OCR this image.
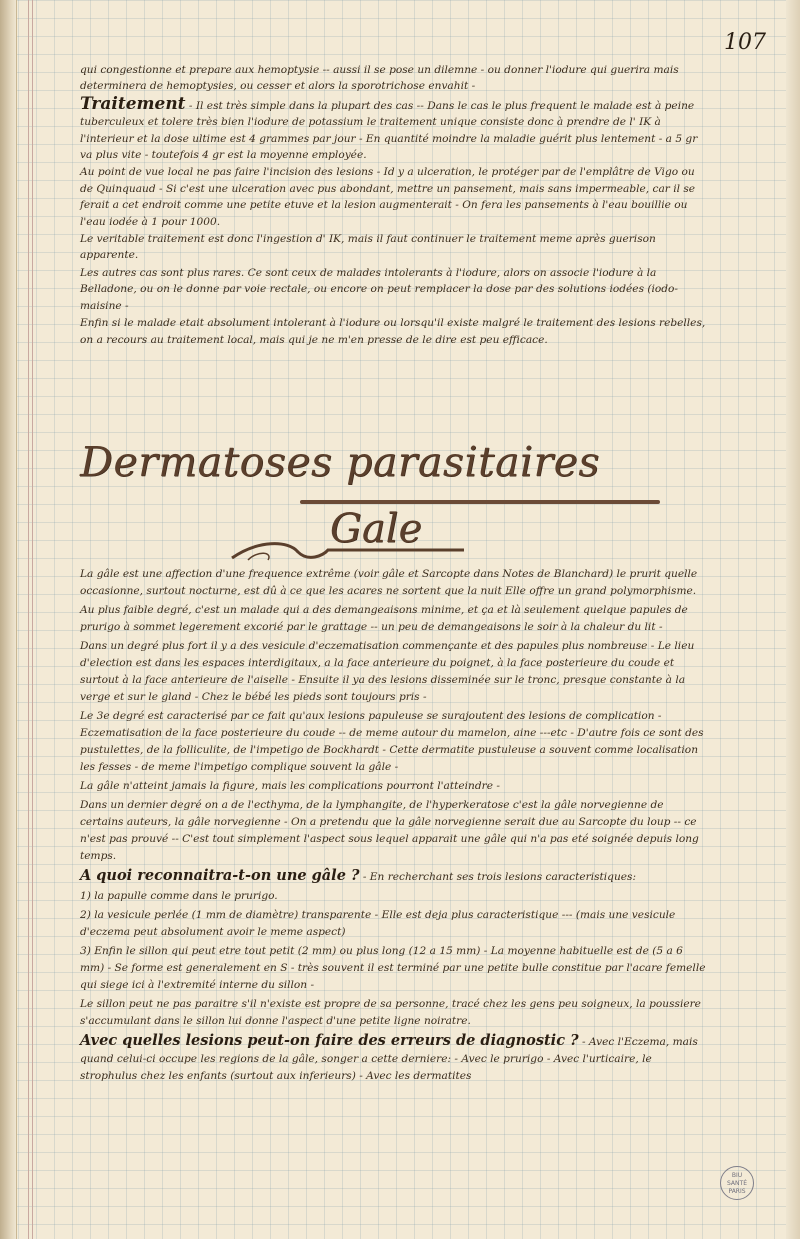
107

qui congestionne et prepare aux hemoptysie -- aussi il se pose un dilemne - ou donner l'iodure qui guerira mais determinera de hemoptysies, ou cesser et alors la sporotrichose envahit -

Traitement - Il est très simple dans la plupart des cas -- Dans le cas le plus frequent le malade est à peine tuberculeux et tolere très bien l'iodure de potassium le traitement unique consiste donc à prendre de l' IK à l'interieur et la dose ultime est 4 grammes par jour - En quantité moindre la maladie guérit plus lentement - a 5 gr va plus vite - toutefois 4 gr est la moyenne employée.

Au point de vue local ne pas faire l'incision des lesions - Id y a ulceration, le protéger par de l'emplâtre de Vigo ou de Quinquaud - Si c'est une ulceration avec pus abondant, mettre un pansement, mais sans impermeable, car il se ferait a cet endroit comme une petite etuve et la lesion augmenterait - On fera les pansements à l'eau bouillie ou l'eau iodée à 1 pour 1000.

Le veritable traitement est donc l'ingestion d' IK, mais il faut continuer le traitement meme après guerison apparente.

Les autres cas sont plus rares. Ce sont ceux de malades intolerants à l'iodure, alors on associe l'iodure à la Belladone, ou on le donne par voie rectale, ou encore on peut remplacer la dose par des solutions iodées (iodo-maisine -

Enfin si le malade etait absolument intolerant à l'iodure ou lorsqu'il existe malgré le traitement des lesions rebelles, on a recours au traitement local, mais qui je ne m'en presse de le dire est peu efficace.

Dermatoses parasitaires
Gale

La gâle est une affection d'une frequence extrême (voir gâle et Sarcopte dans Notes de Blanchard) le prurit quelle occasionne, surtout nocturne, est dû à ce que les acares ne sortent que la nuit Elle offre un grand polymorphisme.

Au plus faible degré, c'est un malade qui a des demangeaisons minime, et ça et là seulement quelque papules de prurigo à sommet legerement excorié par le grattage -- un peu de demangeaisons le soir à la chaleur du lit -

Dans un degré plus fort il y a des vesicule d'eczematisation commençante et des papules plus nombreuse - Le lieu d'election est dans les espaces interdigitaux, a la face anterieure du poignet, à la face posterieure du coude et surtout à la face anterieure de l'aiselle - Ensuite il ya des lesions disseminée sur le tronc, presque constante à la verge et sur le gland - Chez le bébé les pieds sont toujours pris -

Le 3e degré est caracterisé par ce fait qu'aux lesions papuleuse se surajoutent des lesions de complication - Eczematisation de la face posterieure du coude -- de meme autour du mamelon, aine ---etc - D'autre fois ce sont des pustulettes, de la folliculite, de l'impetigo de Bockhardt - Cette dermatite pustuleuse a souvent comme localisation les fesses - de meme l'impetigo complique souvent la gâle -

La gâle n'atteint jamais la figure, mais les complications pourront l'atteindre -

Dans un dernier degré on a de l'ecthyma, de la lymphangite, de l'hyperkeratose c'est la gâle norvegienne de certains auteurs, la gâle norvegienne - On a pretendu que la gâle norvegienne serait due au Sarcopte du loup -- ce n'est pas prouvé -- C'est tout simplement l'aspect sous lequel apparait une gâle qui n'a pas eté soignée depuis long temps.

A quoi reconnaitra-t-on une gâle ? - En recherchant ses trois lesions caracteristiques:

1) la papulle comme dans le prurigo.

2) la vesicule perlée (1 mm de diamètre) transparente - Elle est deja plus caracteristique --- (mais une vesicule d'eczema peut absolument avoir le meme aspect)

3) Enfin le sillon qui peut etre tout petit (2 mm) ou plus long (12 a 15 mm) - La moyenne habituelle est de (5 a 6 mm) - Se forme est generalement en S - très souvent il est terminé par une petite bulle constitue par l'acare femelle qui siege ici à l'extremité interne du sillon -

Le sillon peut ne pas paraitre s'il n'existe est propre de sa personne, tracé chez les gens peu soigneux, la poussiere s'accumulant dans le sillon lui donne l'aspect d'une petite ligne noiratre.

Avec quelles lesions peut-on faire des erreurs de diagnostic ? - Avec l'Eczema, mais quand celui-ci occupe les regions de la gâle, songer a cette derniere: - Avec le prurigo - Avec l'urticaire, le strophulus chez les enfants (surtout aux inferieurs) - Avec les dermatites

BIU
SANTÉ
PARIS
